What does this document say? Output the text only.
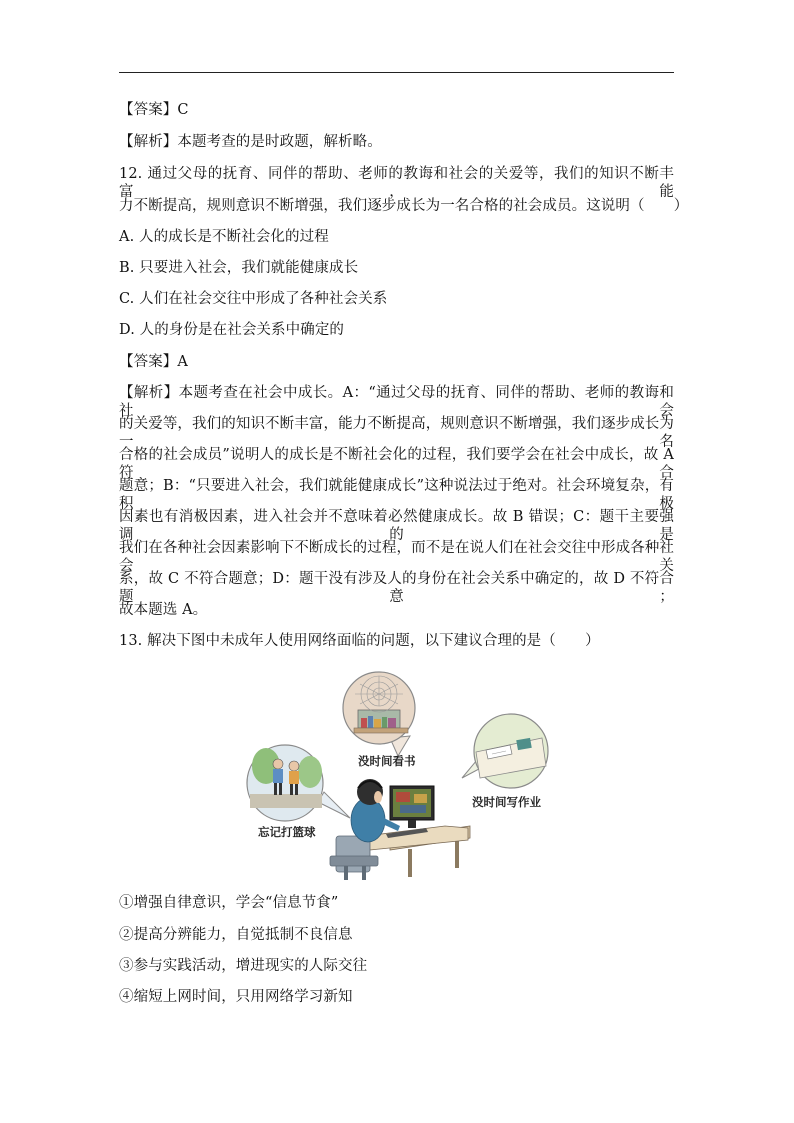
【答案】C
【解析】本题考查的是时政题，解析略。
12. 通过父母的抚育、同伴的帮助、老师的教诲和社会的关爱等，我们的知识不断丰富，能
力不断提高，规则意识不断增强，我们逐步成长为一名合格的社会成员。这说明（　　）
A. 人的成长是不断社会化的过程
B. 只要进入社会，我们就能健康成长
C. 人们在社会交往中形成了各种社会关系
D. 人的身份是在社会关系中确定的
【答案】A
【解析】本题考查在社会中成长。A：“通过父母的抚育、同伴的帮助、老师的教诲和社会
的关爱等，我们的知识不断丰富，能力不断提高，规则意识不断增强，我们逐步成长为一名
合格的社会成员”说明人的成长是不断社会化的过程，我们要学会在社会中成长，故 A 符合
题意；B：“只要进入社会，我们就能健康成长”这种说法过于绝对。社会环境复杂，有积极
因素也有消极因素，进入社会并不意味着必然健康成长。故 B 错误；C：题干主要强调的是
我们在各种社会因素影响下不断成长的过程，而不是在说人们在社会交往中形成各种社会关
系，故 C 不符合题意；D：题干没有涉及人的身份在社会关系中确定的，故 D 不符合题意；
故本题选 A。
13. 解决下图中未成年人使用网络面临的问题，以下建议合理的是（　　）
没时间看书
没时间写作业
忘记打篮球
①增强自律意识，学会“信息节食”
②提高分辨能力，自觉抵制不良信息
③参与实践活动，增进现实的人际交往
④缩短上网时间，只用网络学习新知
